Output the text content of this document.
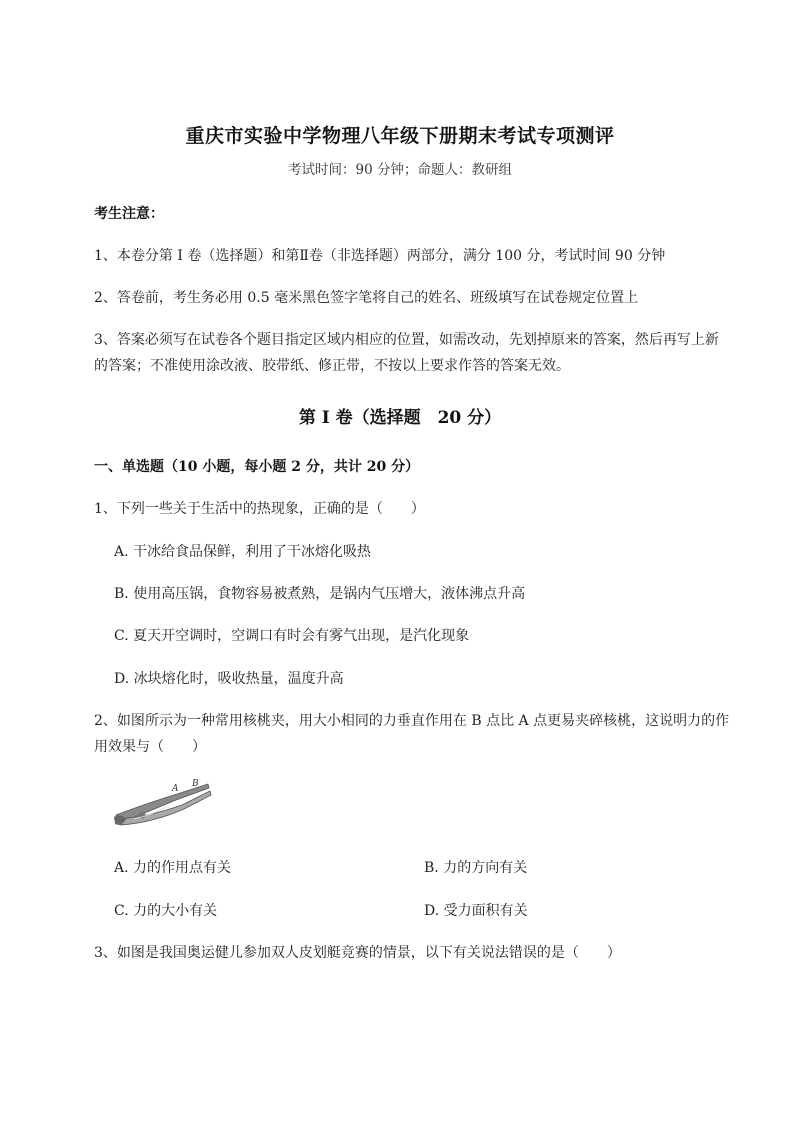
重庆市实验中学物理八年级下册期末考试专项测评
考试时间：90 分钟；命题人：教研组
考生注意：
1、本卷分第 I 卷（选择题）和第Ⅱ卷（非选择题）两部分，满分 100 分，考试时间 90 分钟
2、答卷前，考生务必用 0.5 毫米黑色签字笔将自己的姓名、班级填写在试卷规定位置上
3、答案必须写在试卷各个题目指定区域内相应的位置，如需改动，先划掉原来的答案，然后再写上新
的答案；不准使用涂改液、胶带纸、修正带，不按以上要求作答的答案无效。
第 I 卷（选择题　20 分）
一、单选题（10 小题，每小题 2 分，共计 20 分）
1、下列一些关于生活中的热现象，正确的是（　　）
A. 干冰给食品保鲜，利用了干冰熔化吸热
B. 使用高压锅，食物容易被煮熟，是锅内气压增大，液体沸点升高
C. 夏天开空调时，空调口有时会有雾气出现，是汽化现象
D. 冰块熔化时，吸收热量，温度升高
2、如图所示为一种常用核桃夹，用大小相同的力垂直作用在 B 点比 A 点更易夹碎核桃，这说明力的作
用效果与（　　）
A B
A. 力的作用点有关	B. 力的方向有关
C. 力的大小有关	D. 受力面积有关
3、如图是我国奥运健儿参加双人皮划艇竞赛的情景，以下有关说法错误的是（　　）
